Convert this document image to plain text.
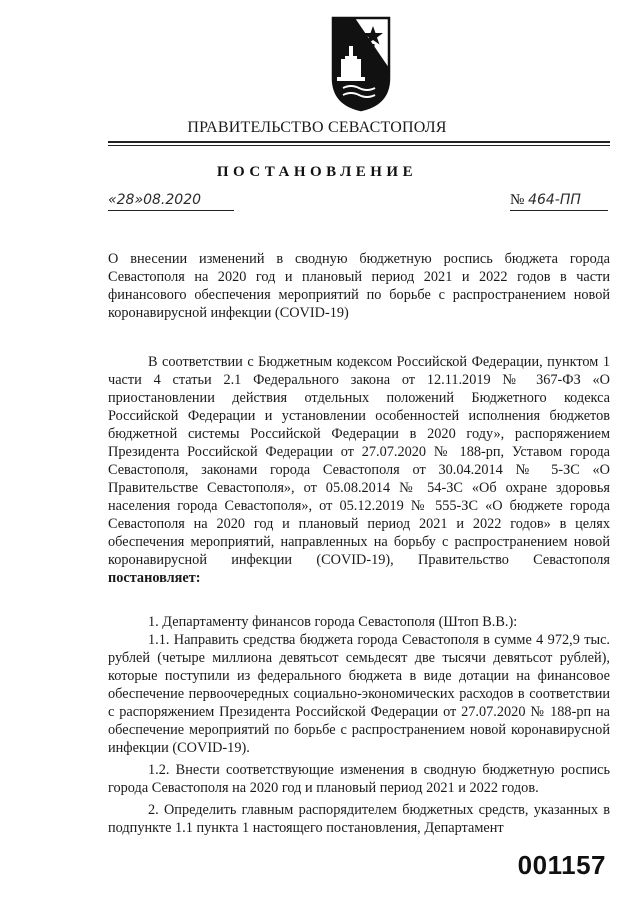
ПРАВИТЕЛЬСТВО СЕВАСТОПОЛЯ
ПОСТАНОВЛЕНИЕ
«28»08.2020	№ 464-ПП
О внесении изменений в сводную бюджетную роспись бюджета города Севастополя на 2020 год и плановый период 2021 и 2022 годов в части финансового обеспечения мероприятий по борьбе с распространением новой коронавирусной инфекции (COVID-19)
В соответствии с Бюджетным кодексом Российской Федерации, пунктом 1 части 4 статьи 2.1 Федерального закона от 12.11.2019 № 367-ФЗ «О приостановлении действия отдельных положений Бюджетного кодекса Российской Федерации и установлении особенностей исполнения бюджетов бюджетной системы Российской Федерации в 2020 году», распоряжением Президента Российской Федерации от 27.07.2020 № 188-рп, Уставом города Севастополя, законами города Севастополя от 30.04.2014 № 5-ЗС «О Правительстве Севастополя», от 05.08.2014 № 54-ЗС «Об охране здоровья населения города Севастополя», от 05.12.2019 № 555-ЗС «О бюджете города Севастополя на 2020 год и плановый период 2021 и 2022 годов» в целях обеспечения мероприятий, направленных на борьбу с распространением новой коронавирусной инфекции (COVID-19), Правительство Севастополя постановляет:

1. Департаменту финансов города Севастополя (Штоп В.В.):

1.1. Направить средства бюджета города Севастополя в сумме 4 972,9 тыс. рублей (четыре миллиона девятьсот семьдесят две тысячи девятьсот рублей), которые поступили из федерального бюджета в виде дотации на финансовое обеспечение первоочередных социально-экономических расходов в соответствии с распоряжением Президента Российской Федерации от 27.07.2020 № 188-рп на обеспечение мероприятий по борьбе с распространением новой коронавирусной инфекции (COVID-19).

1.2. Внести соответствующие изменения в сводную бюджетную роспись города Севастополя на 2020 год и плановый период 2021 и 2022 годов.

2. Определить главным распорядителем бюджетных средств, указанных в подпункте 1.1 пункта 1 настоящего постановления, Департамент

001157
